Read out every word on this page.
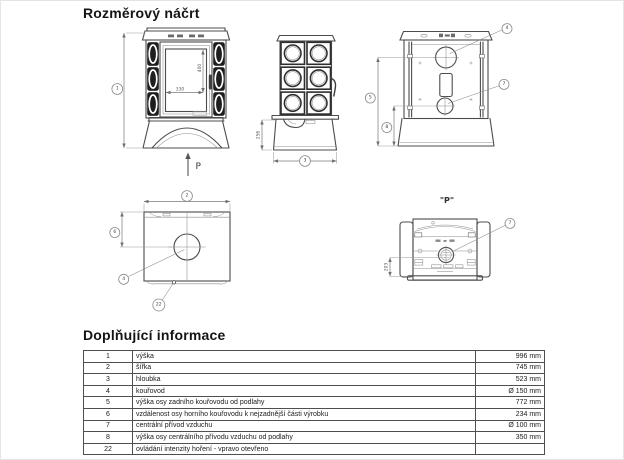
Rozměrový náčrt
1	330
400
P
256
3
4
7
5
8
2
6
4
22
"P"
7
203
Doplňující informace
1	výška	996 mm
2	šířka	745 mm
3	hloubka	523 mm
4	kouřovod	Ø 150 mm
5	výška osy zadního kouřovodu od podlahy	772 mm
6	vzdálenost osy horního kouřovodu k nejzadnější části výrobku	234 mm
7	centrální přívod vzduchu	Ø 100 mm
8	výška osy centrálního přívodu vzduchu od podlahy	350 mm
22	ovládání intenzity hoření - vpravo otevřeno	
